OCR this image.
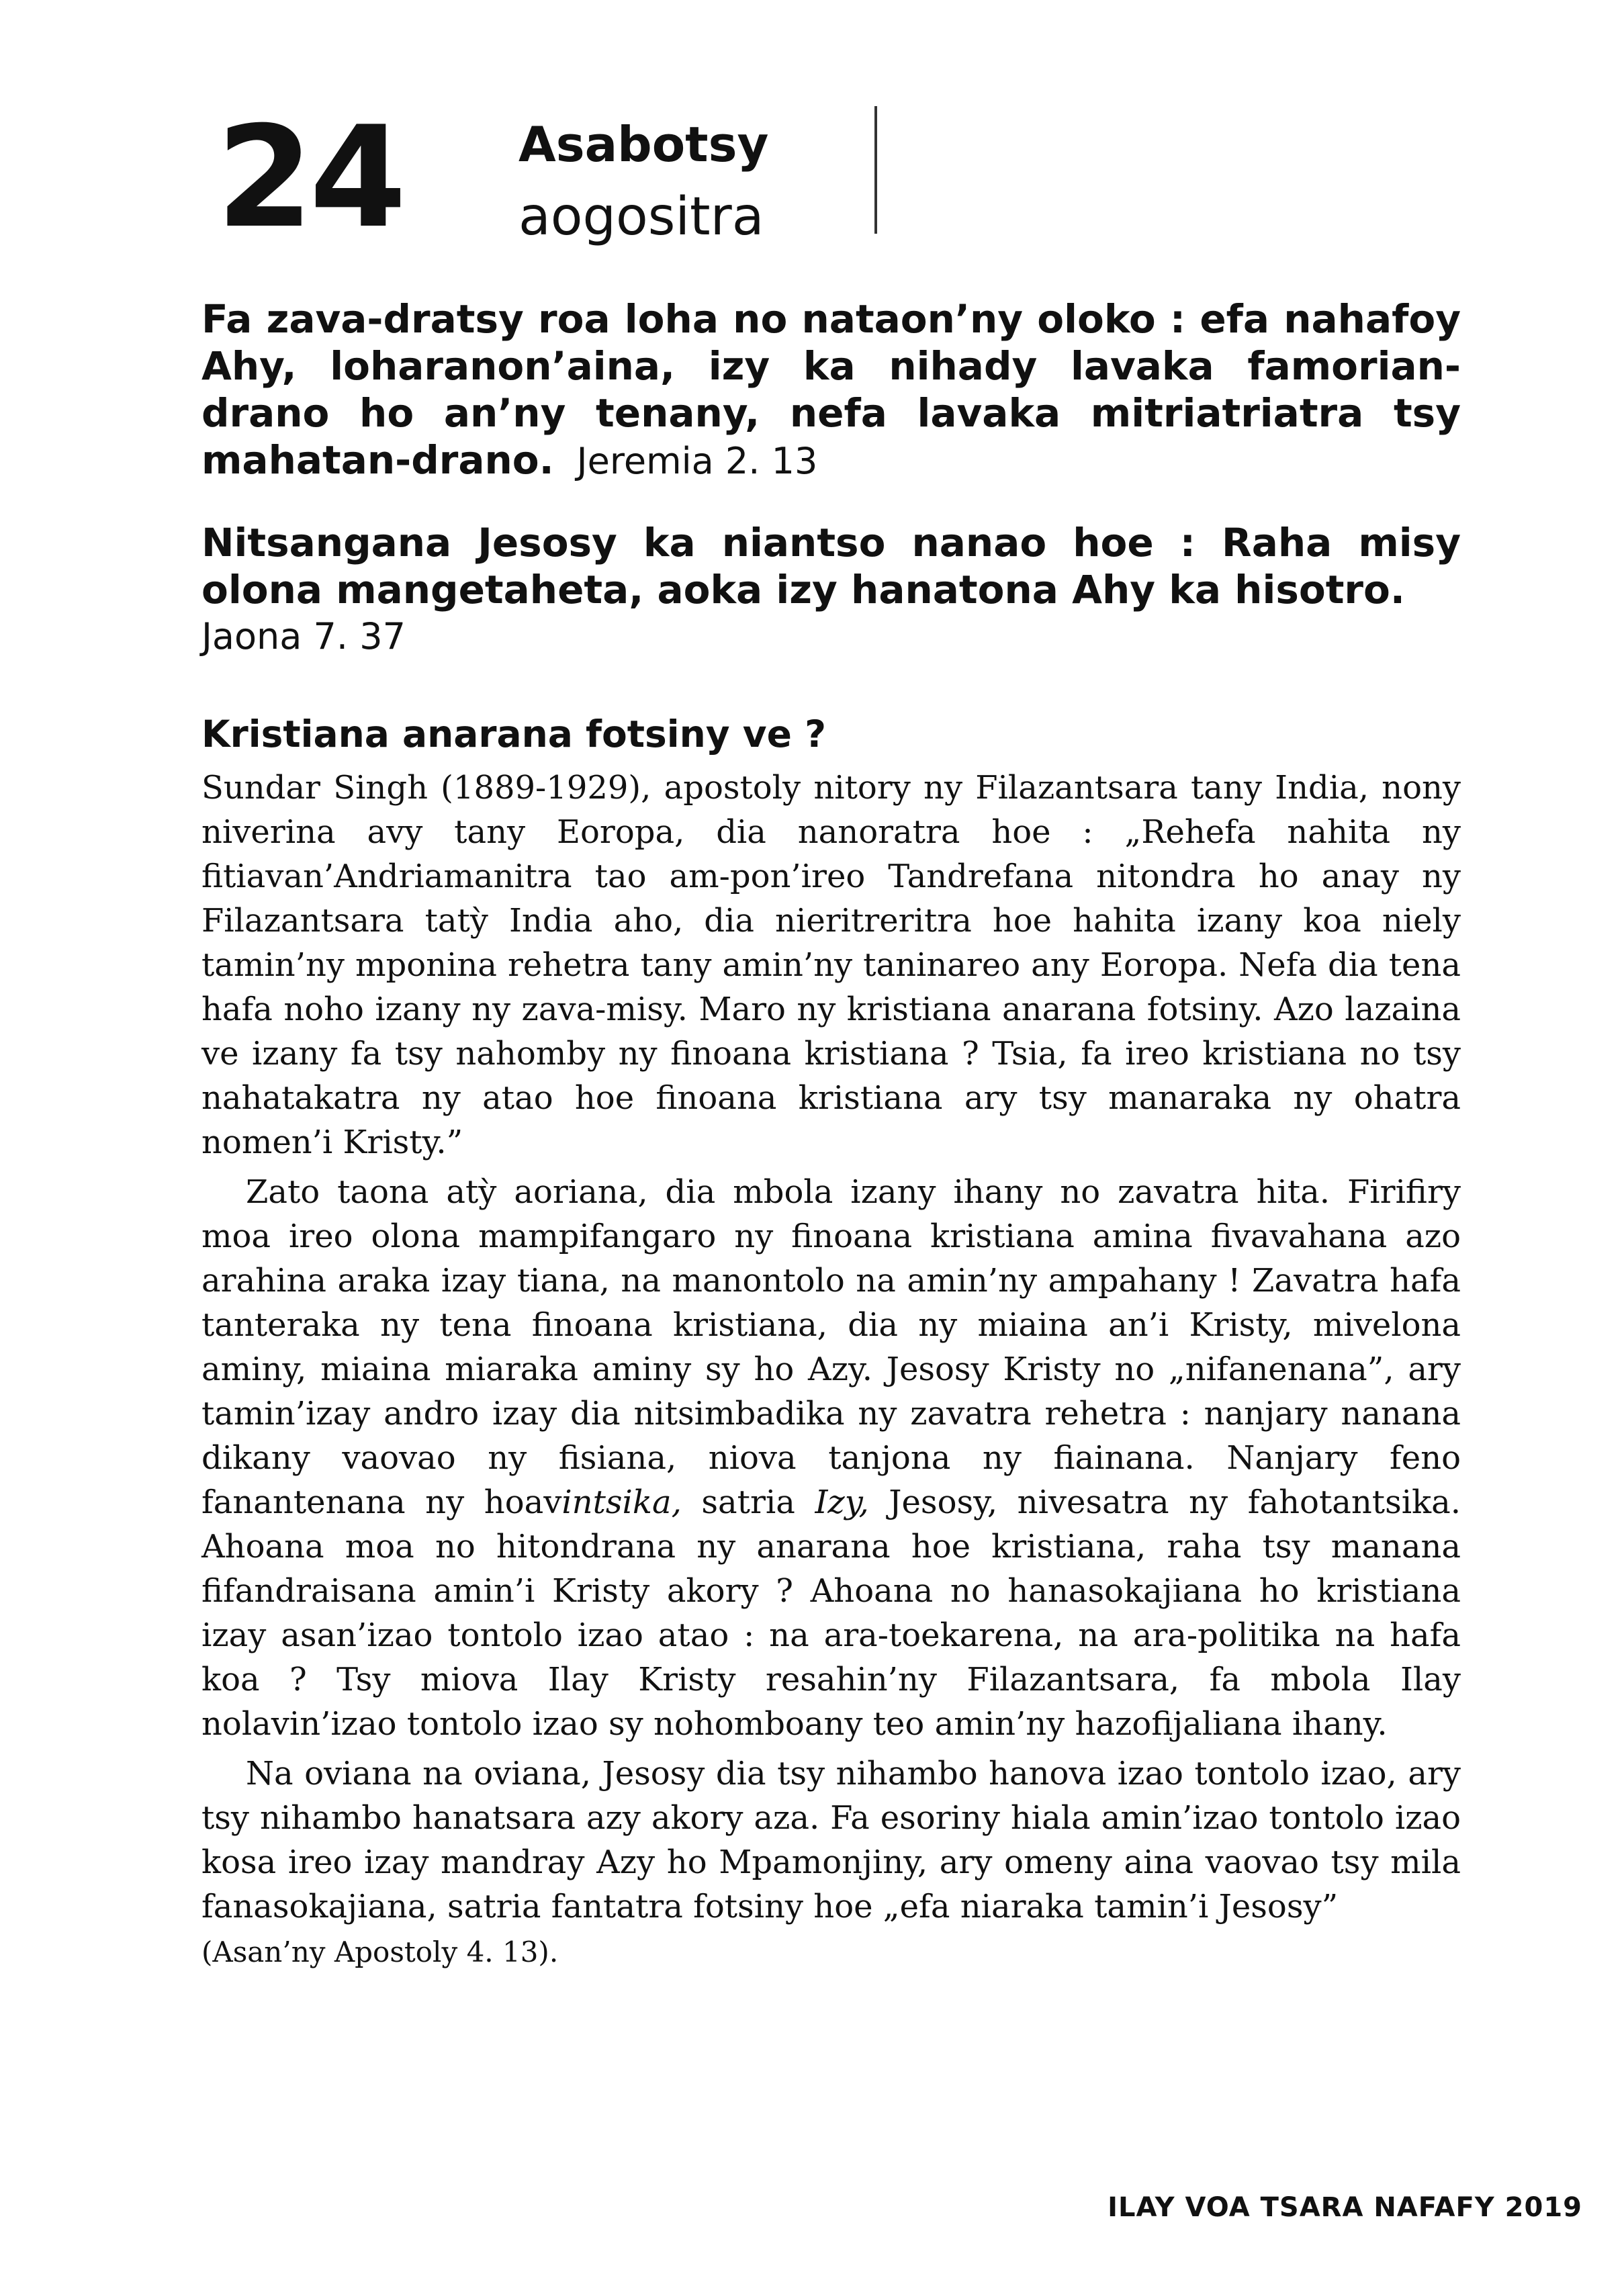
24 Asabotsy
aogositra

Fa zava-dratsy roa loha no nataon’ny oloko : efa nahafoy Ahy, loharanon’aina, izy ka nihady lavaka famorian-drano ho an’ny tenany, nefa lavaka mitriatriatra tsy mahatan-drano. Jeremia 2. 13

Nitsangana Jesosy ka niantso nanao hoe : Raha misy olona mangetaheta, aoka izy hanatona Ahy ka hisotro.
Jaona 7. 37

Kristiana anarana fotsiny ve ?

Sundar Singh (1889-1929), apostoly nitory ny Filazantsara tany India, nony niverina avy tany Eoropa, dia nanoratra hoe : „Rehefa nahita ny fitiavan’Andriamanitra tao am-pon’ireo Tandrefana nitondra ho anay ny Filazantsara tatỳ India aho, dia nieritreritra hoe hahita izany koa niely tamin’ny mponina rehetra tany amin’ny taninareo any Eoropa. Nefa dia tena hafa noho izany ny zava-misy. Maro ny kristiana anarana fotsiny. Azo lazaina ve izany fa tsy nahomby ny finoana kristiana ? Tsia, fa ireo kristiana no tsy nahatakatra ny atao hoe finoana kristiana ary tsy manaraka ny ohatra nomen’i Kristy.”

Zato taona atỳ aoriana, dia mbola izany ihany no zavatra hita. Firifiry moa ireo olona mampifangaro ny finoana kristiana amina fivavahana azo arahina araka izay tiana, na manontolo na amin’ny ampahany ! Zavatra hafa tanteraka ny tena finoana kristiana, dia ny miaina an’i Kristy, mivelona aminy, miaina miaraka aminy sy ho Azy. Jesosy Kristy no „nifanenana”, ary tamin’izay andro izay dia nitsimbadika ny zavatra rehetra : nanjary nanana dikany vaovao ny fisiana, niova tanjona ny fiainana. Nanjary feno fanantenana ny hoavintsika, satria Izy, Jesosy, nivesatra ny fahotantsika. Ahoana moa no hitondrana ny anarana hoe kristiana, raha tsy manana fifandraisana amin’i Kristy akory ? Ahoana no hanasokajiana ho kristiana izay asan’izao tontolo izao atao : na ara-toekarena, na ara-politika na hafa koa ? Tsy miova Ilay Kristy resahin’ny Filazantsara, fa mbola Ilay nolavin’izao tontolo izao sy nohomboany teo amin’ny hazofijaliana ihany.

Na oviana na oviana, Jesosy dia tsy nihambo hanova izao tontolo izao, ary tsy nihambo hanatsara azy akory aza. Fa esoriny hiala amin’izao tontolo izao kosa ireo izay mandray Azy ho Mpamonjiny, ary omeny aina vaovao tsy mila fanasokajiana, satria fantatra fotsiny hoe „efa niaraka tamin’i Jesosy”
(Asan’ny Apostoly 4. 13).

ILAY VOA TSARA NAFAFY 2019
